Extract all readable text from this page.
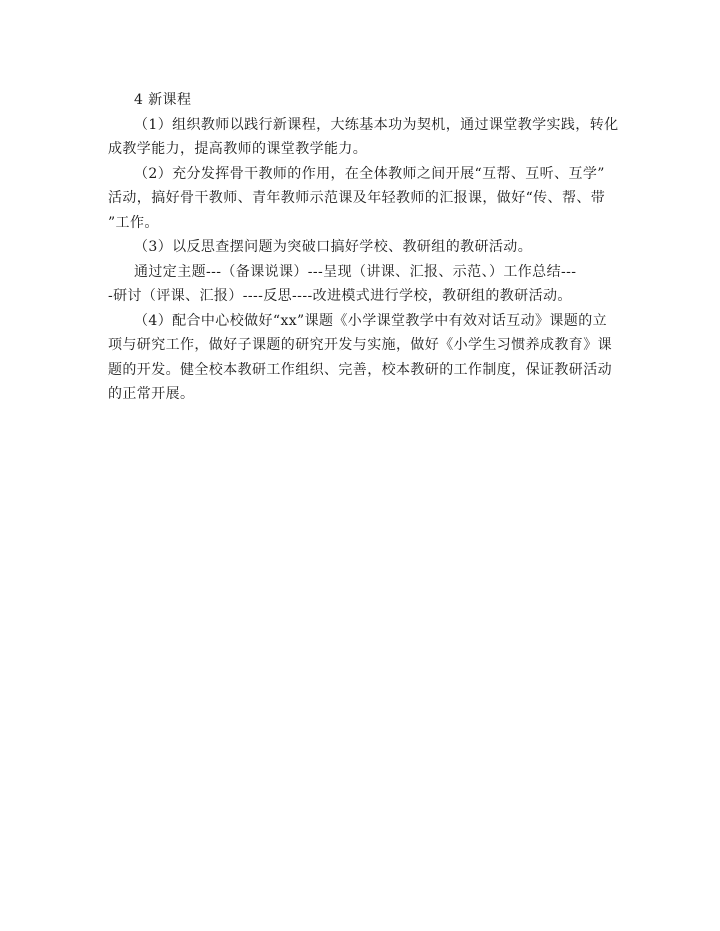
4 新课程

（1）组织教师以践行新课程，大练基本功为契机，通过课堂教学实践，转化

成教学能力，提高教师的课堂教学能力。

（2）充分发挥骨干教师的作用，在全体教师之间开展“互帮、互听、互学”

活动，搞好骨干教师、青年教师示范课及年轻教师的汇报课，做好“传、帮、带

”工作。

（3）以反思查摆问题为突破口搞好学校、教研组的教研活动。

通过定主题---（备课说课）---呈现（讲课、汇报、示范、）工作总结---

-研讨（评课、汇报）----反思----改进模式进行学校，教研组的教研活动。

（4）配合中心校做好“xx”课题《小学课堂教学中有效对话互动》课题的立

项与研究工作，做好子课题的研究开发与实施，做好《小学生习惯养成教育》课

题的开发。健全校本教研工作组织、完善，校本教研的工作制度，保证教研活动

的正常开展。
